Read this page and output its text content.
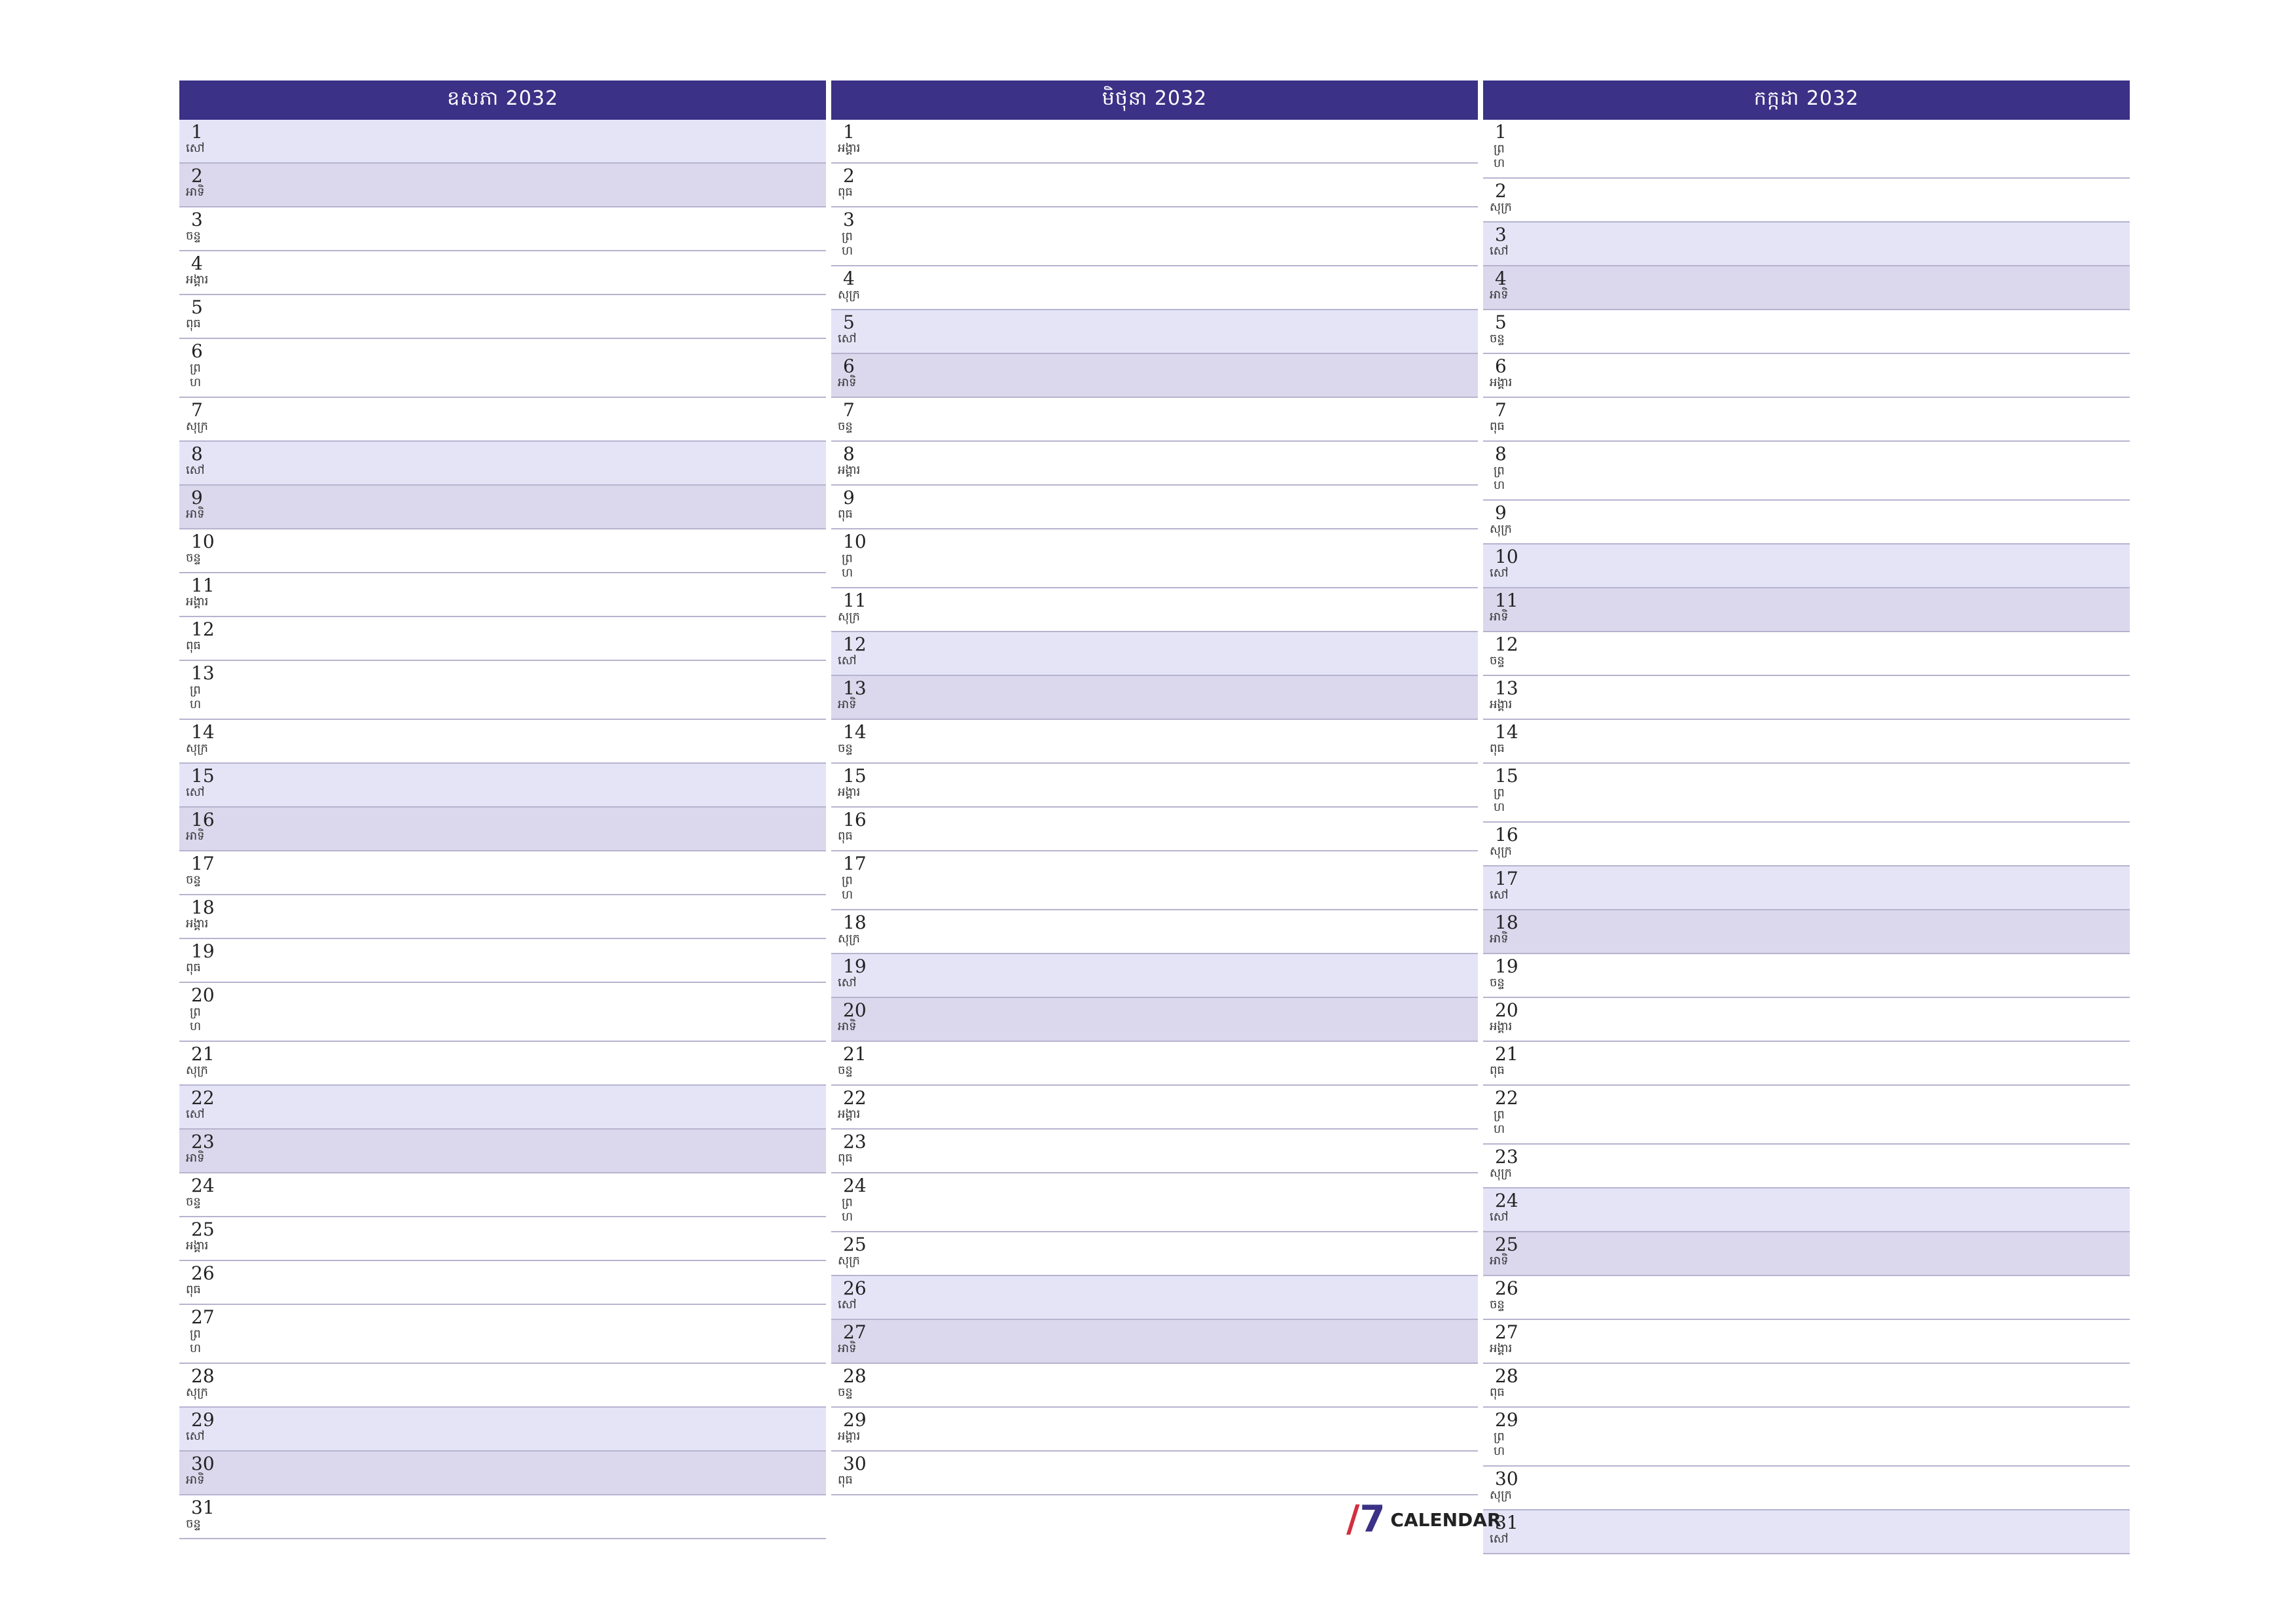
ឧសភា 2032
1
សៅ
2
អាទិ
3
ចន្ទ
4
អង្គារ
5
ពុធ
6
ព្រហ
7
សុក្រ
8
សៅ
9
អាទិ
10
ចន្ទ
11
អង្គារ
12
ពុធ
13
ព្រហ
14
សុក្រ
15
សៅ
16
អាទិ
17
ចន្ទ
18
អង្គារ
19
ពុធ
20
ព្រហ
21
សុក្រ
22
សៅ
23
អាទិ
24
ចន្ទ
25
អង្គារ
26
ពុធ
27
ព្រហ
28
សុក្រ
29
សៅ
30
អាទិ
31
ចន្ទ
មិថុនា 2032
1
អង្គារ
2
ពុធ
3
ព្រហ
4
សុក្រ
5
សៅ
6
អាទិ
7
ចន្ទ
8
អង្គារ
9
ពុធ
10
ព្រហ
11
សុក្រ
12
សៅ
13
អាទិ
14
ចន្ទ
15
អង្គារ
16
ពុធ
17
ព្រហ
18
សុក្រ
19
សៅ
20
អាទិ
21
ចន្ទ
22
អង្គារ
23
ពុធ
24
ព្រហ
25
សុក្រ
26
សៅ
27
អាទិ
28
ចន្ទ
29
អង្គារ
30
ពុធ
កក្កដា 2032
1
ព្រហ
2
សុក្រ
3
សៅ
4
អាទិ
5
ចន្ទ
6
អង្គារ
7
ពុធ
8
ព្រហ
9
សុក្រ
10
សៅ
11
អាទិ
12
ចន្ទ
13
អង្គារ
14
ពុធ
15
ព្រហ
16
សុក្រ
17
សៅ
18
អាទិ
19
ចន្ទ
20
អង្គារ
21
ពុធ
22
ព្រហ
23
សុក្រ
24
សៅ
25
អាទិ
26
ចន្ទ
27
អង្គារ
28
ពុធ
29
ព្រហ
30
សុក្រ
31
សៅ
/7 CALENDAR
